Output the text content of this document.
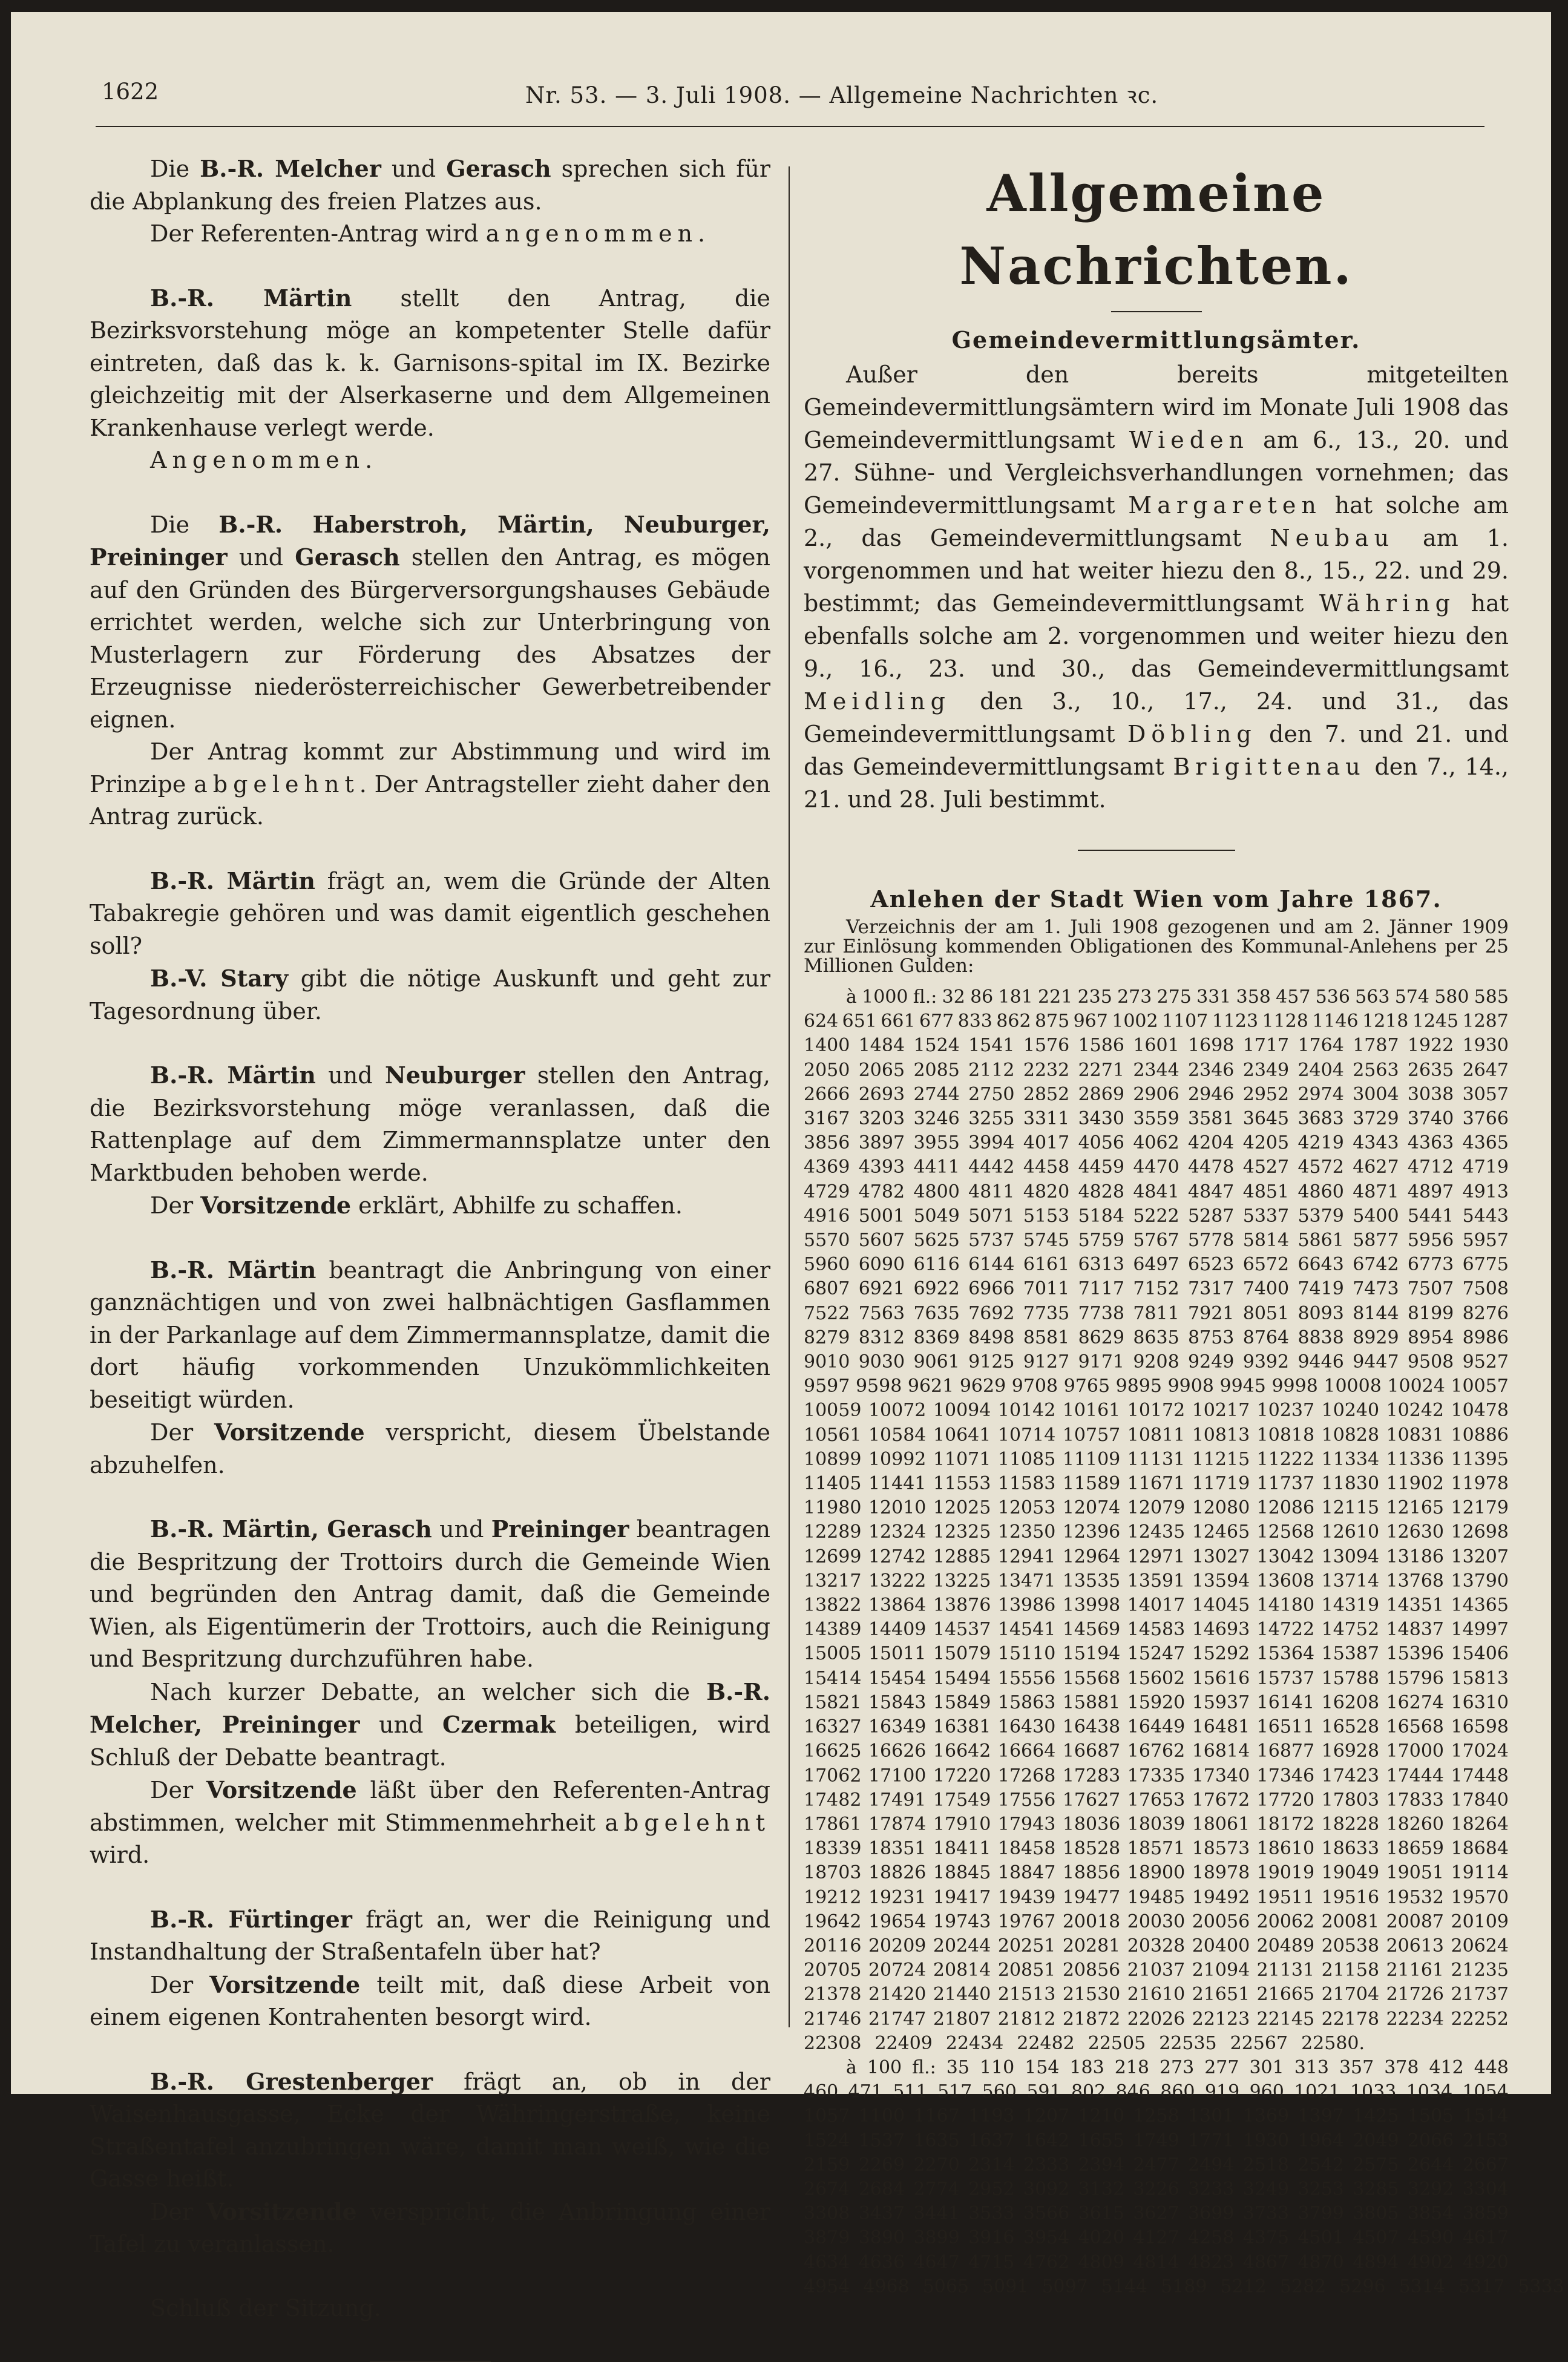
1622	Nr. 53. — 3. Juli 1908. — Allgemeine Nachrichten ꝛc.

Die B.-R. Melcher und Gerasch sprechen sich für die Abplankung des freien Platzes aus.

Der Referenten-Antrag wird angenommen.

B.-R. Märtin stellt den Antrag, die Bezirksvorstehung möge an kompetenter Stelle dafür eintreten, daß das k. k. Garnisons-spital im IX. Bezirke gleichzeitig mit der Alserkaserne und dem Allgemeinen Krankenhause verlegt werde.

Angenommen.

Die B.-R. Haberstroh, Märtin, Neuburger, Preininger und Gerasch stellen den Antrag, es mögen auf den Gründen des Bürgerversorgungshauses Gebäude errichtet werden, welche sich zur Unterbringung von Musterlagern zur Förderung des Absatzes der Erzeugnisse niederösterreichischer Gewerbetreibender eignen.

Der Antrag kommt zur Abstimmung und wird im Prinzipe abgelehnt. Der Antragsteller zieht daher den Antrag zurück.

B.-R. Märtin frägt an, wem die Gründe der Alten Tabakregie gehören und was damit eigentlich geschehen soll?

B.-V. Stary gibt die nötige Auskunft und geht zur Tagesordnung über.

B.-R. Märtin und Neuburger stellen den Antrag, die Bezirksvorstehung möge veranlassen, daß die Rattenplage auf dem Zimmermannsplatze unter den Marktbuden behoben werde.

Der Vorsitzende erklärt, Abhilfe zu schaffen.

B.-R. Märtin beantragt die Anbringung von einer ganznächtigen und von zwei halbnächtigen Gasflammen in der Parkanlage auf dem Zimmermannsplatze, damit die dort häufig vorkommenden Unzukömmlichkeiten beseitigt würden.

Der Vorsitzende verspricht, diesem Übelstande abzuhelfen.

B.-R. Märtin, Gerasch und Preininger beantragen die Bespritzung der Trottoirs durch die Gemeinde Wien und begründen den Antrag damit, daß die Gemeinde Wien, als Eigentümerin der Trottoirs, auch die Reinigung und Bespritzung durchzuführen habe.

Nach kurzer Debatte, an welcher sich die B.-R. Melcher, Preininger und Czermak beteiligen, wird Schluß der Debatte beantragt.

Der Vorsitzende läßt über den Referenten-Antrag abstimmen, welcher mit Stimmenmehrheit abgelehnt wird.

B.-R. Fürtinger frägt an, wer die Reinigung und Instandhaltung der Straßentafeln über hat?

Der Vorsitzende teilt mit, daß diese Arbeit von einem eigenen Kontrahenten besorgt wird.

B.-R. Grestenberger frägt an, ob in der Waisenhausgasse, Ecke der Währingerstraße, keine Straßentafel anzubringen wäre, damit man weiß, wie die Gasse heißt.

Der Vorsitzende verspricht, die Anbringung einer Tafel zu veranlassen.

Schluß der Sitzung.

Allgemeine Nachrichten.
Gemeindevermittlungsämter.

Außer den bereits mitgeteilten Gemeindevermittlungsämtern wird im Monate Juli 1908 das Gemeindevermittlungsamt Wieden am 6., 13., 20. und 27. Sühne- und Vergleichsverhandlungen vornehmen; das Gemeindevermittlungsamt Margareten hat solche am 2., das Gemeindevermittlungsamt Neubau am 1. vorgenommen und hat weiter hiezu den 8., 15., 22. und 29. bestimmt; das Gemeindevermittlungsamt Währing hat ebenfalls solche am 2. vorgenommen und weiter hiezu den 9., 16., 23. und 30., das Gemeindevermittlungsamt Meidling den 3., 10., 17., 24. und 31., das Gemeindevermittlungsamt Döbling den 7. und 21. und das Gemeindevermittlungsamt Brigittenau den 7., 14., 21. und 28. Juli bestimmt.

Anlehen der Stadt Wien vom Jahre 1867.

Verzeichnis der am 1. Juli 1908 gezogenen und am 2. Jänner 1909 zur Einlösung kommenden Obligationen des Kommunal-Anlehens per 25 Millionen Gulden:

à 1000 fl.: 32 86 181 221 235 273 275 331 358 457 536 563 574 580 585
624 651 661 677 833 862 875 967 1002 1107 1123 1128 1146 1218 1245 1287
1400 1484 1524 1541 1576 1586 1601 1698 1717 1764 1787 1922 1930
2050 2065 2085 2112 2232 2271 2344 2346 2349 2404 2563 2635 2647
2666 2693 2744 2750 2852 2869 2906 2946 2952 2974 3004 3038 3057
3167 3203 3246 3255 3311 3430 3559 3581 3645 3683 3729 3740 3766
3856 3897 3955 3994 4017 4056 4062 4204 4205 4219 4343 4363 4365
4369 4393 4411 4442 4458 4459 4470 4478 4527 4572 4627 4712 4719
4729 4782 4800 4811 4820 4828 4841 4847 4851 4860 4871 4897 4913
4916 5001 5049 5071 5153 5184 5222 5287 5337 5379 5400 5441 5443
5570 5607 5625 5737 5745 5759 5767 5778 5814 5861 5877 5956 5957
5960 6090 6116 6144 6161 6313 6497 6523 6572 6643 6742 6773 6775
6807 6921 6922 6966 7011 7117 7152 7317 7400 7419 7473 7507 7508
7522 7563 7635 7692 7735 7738 7811 7921 8051 8093 8144 8199 8276
8279 8312 8369 8498 8581 8629 8635 8753 8764 8838 8929 8954 8986
9010 9030 9061 9125 9127 9171 9208 9249 9392 9446 9447 9508 9527
9597 9598 9621 9629 9708 9765 9895 9908 9945 9998 10008 10024 10057
10059 10072 10094 10142 10161 10172 10217 10237 10240 10242 10478
10561 10584 10641 10714 10757 10811 10813 10818 10828 10831 10886
10899 10992 11071 11085 11109 11131 11215 11222 11334 11336 11395
11405 11441 11553 11583 11589 11671 11719 11737 11830 11902 11978
11980 12010 12025 12053 12074 12079 12080 12086 12115 12165 12179
12289 12324 12325 12350 12396 12435 12465 12568 12610 12630 12698
12699 12742 12885 12941 12964 12971 13027 13042 13094 13186 13207
13217 13222 13225 13471 13535 13591 13594 13608 13714 13768 13790
13822 13864 13876 13986 13998 14017 14045 14180 14319 14351 14365
14389 14409 14537 14541 14569 14583 14693 14722 14752 14837 14997
15005 15011 15079 15110 15194 15247 15292 15364 15387 15396 15406
15414 15454 15494 15556 15568 15602 15616 15737 15788 15796 15813
15821 15843 15849 15863 15881 15920 15937 16141 16208 16274 16310
16327 16349 16381 16430 16438 16449 16481 16511 16528 16568 16598
16625 16626 16642 16664 16687 16762 16814 16877 16928 17000 17024
17062 17100 17220 17268 17283 17335 17340 17346 17423 17444 17448
17482 17491 17549 17556 17627 17653 17672 17720 17803 17833 17840
17861 17874 17910 17943 18036 18039 18061 18172 18228 18260 18264
18339 18351 18411 18458 18528 18571 18573 18610 18633 18659 18684
18703 18826 18845 18847 18856 18900 18978 19019 19049 19051 19114
19212 19231 19417 19439 19477 19485 19492 19511 19516 19532 19570
19642 19654 19743 19767 20018 20030 20056 20062 20081 20087 20109
20116 20209 20244 20251 20281 20328 20400 20489 20538 20613 20624
20705 20724 20814 20851 20856 21037 21094 21131 21158 21161 21235
21378 21420 21440 21513 21530 21610 21651 21665 21704 21726 21737
21746 21747 21807 21812 21872 22026 22123 22145 22178 22234 22252
22308 22409 22434 22482 22505 22535 22567 22580.
à 100 fl.: 35 110 154 183 218 273 277 301 313 357 378 412 448
460 471 511 517 560 591 802 846 860 919 960 1021 1033 1034 1054
1057 1100 1167 1193 1207 1210 1258 1301 1369 1397 1425 1505 1514
1524 1537 1635 1637 1642 1655 1749 1771 1930 1964 2049 2066 2153
2159 2269 2270 2314 2333 2394 2477 2494 2518 2542 2575 2644 2667
2674 2684 2774 2952 3092 3132 3226 3233 3249 3253 3285 3292 3304
3308 3437 3441 3533 3566 3615 3627 3699 3733 3799 3805 3854 3859
3879 3890 3899 3916 3954 4020 4127 4258 4375 4501 4507 4590 4617
4634 4636 4647 4715 4762 4809 4814 4823 4867 4870 4894 4902 4920
4954 4968 5065 5091 5097 5144 5189 5212 5282 5296 5314 5317 5333
